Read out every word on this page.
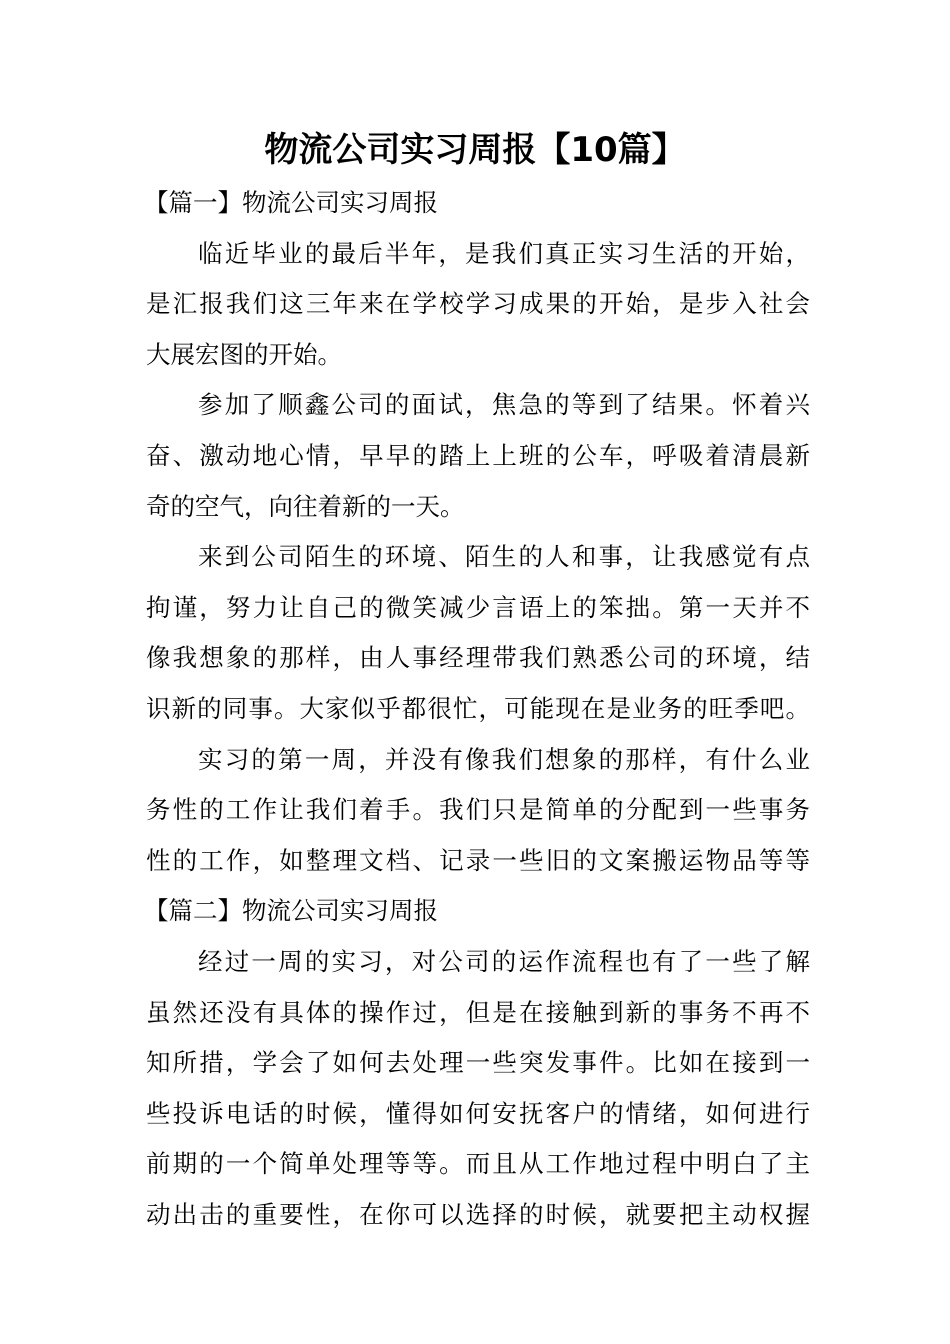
物流公司实习周报【10篇】
【篇一】物流公司实习周报
临近毕业的最后半年，是我们真正实习生活的开始，
是汇报我们这三年来在学校学习成果的开始，是步入社会
大展宏图的开始。
参加了顺鑫公司的面试，焦急的等到了结果。怀着兴
奋、激动地心情，早早的踏上上班的公车，呼吸着清晨新
奇的空气，向往着新的一天。
来到公司陌生的环境、陌生的人和事，让我感觉有点
拘谨，努力让自己的微笑减少言语上的笨拙。第一天并不
像我想象的那样，由人事经理带我们熟悉公司的环境，结
识新的同事。大家似乎都很忙，可能现在是业务的旺季吧。
实习的第一周，并没有像我们想象的那样，有什么业
务性的工作让我们着手。我们只是简单的分配到一些事务
性的工作，如整理文档、记录一些旧的文案搬运物品等等
【篇二】物流公司实习周报
经过一周的实习，对公司的运作流程也有了一些了解
虽然还没有具体的操作过，但是在接触到新的事务不再不
知所措，学会了如何去处理一些突发事件。比如在接到一
些投诉电话的时候，懂得如何安抚客户的情绪，如何进行
前期的一个简单处理等等。而且从工作地过程中明白了主
动出击的重要性，在你可以选择的时候，就要把主动权握
